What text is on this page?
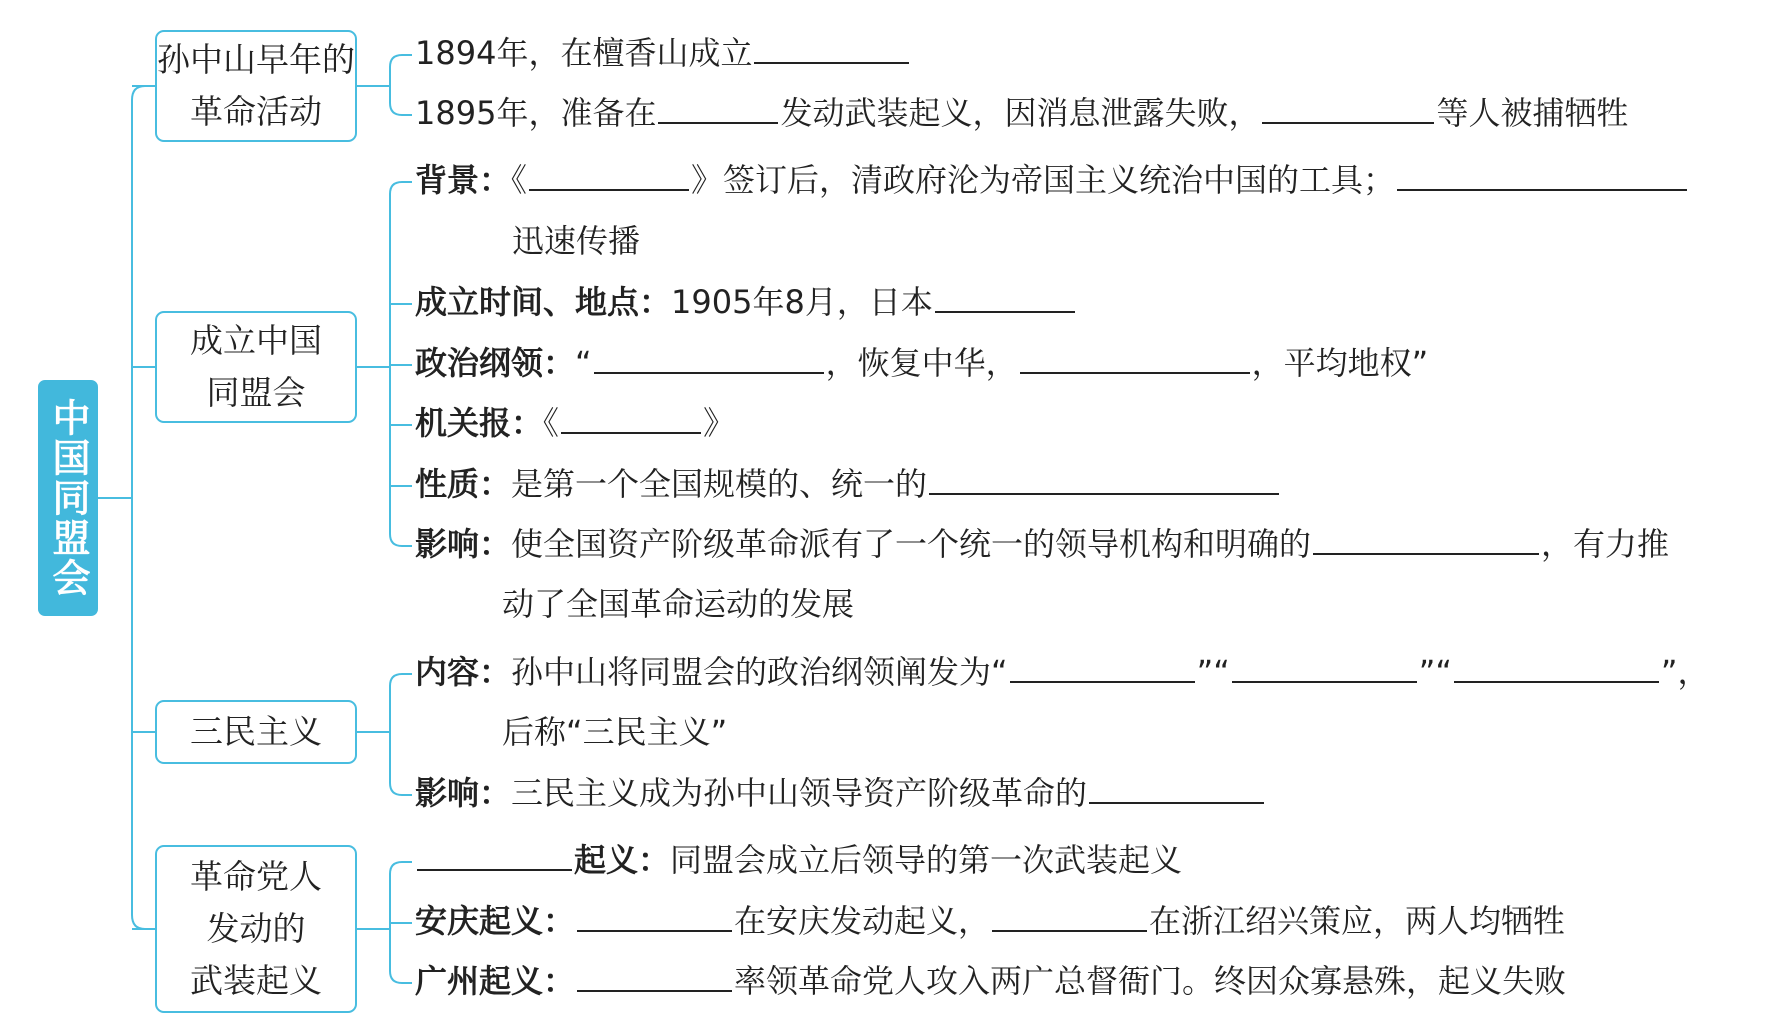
中国同盟会
孙中山早年的
革命活动
1894年，在檀香山成立
1895年，准备在	发动武装起义，因消息泄露失败，	等人被捕牺牲
成立中国
同盟会
背景：《	》签订后，清政府沦为帝国主义统治中国的工具；
迅速传播
成立时间、地点：1905年8月，日本
政治纲领：“	，恢复中华，	，平均地权”
机关报：《	》
性质：是第一个全国规模的、统一的
影响：使全国资产阶级革命派有了一个统一的领导机构和明确的	，有力推
动了全国革命运动的发展
三民主义
内容：孙中山将同盟会的政治纲领阐发为“	”“	”“	”，
后称“三民主义”
影响：三民主义成为孙中山领导资产阶级革命的
革命党人
发动的
武装起义
起义：同盟会成立后领导的第一次武装起义
安庆起义：	在安庆发动起义，	在浙江绍兴策应，两人均牺牲
广州起义：	率领革命党人攻入两广总督衙门。终因众寡悬殊，起义失败
